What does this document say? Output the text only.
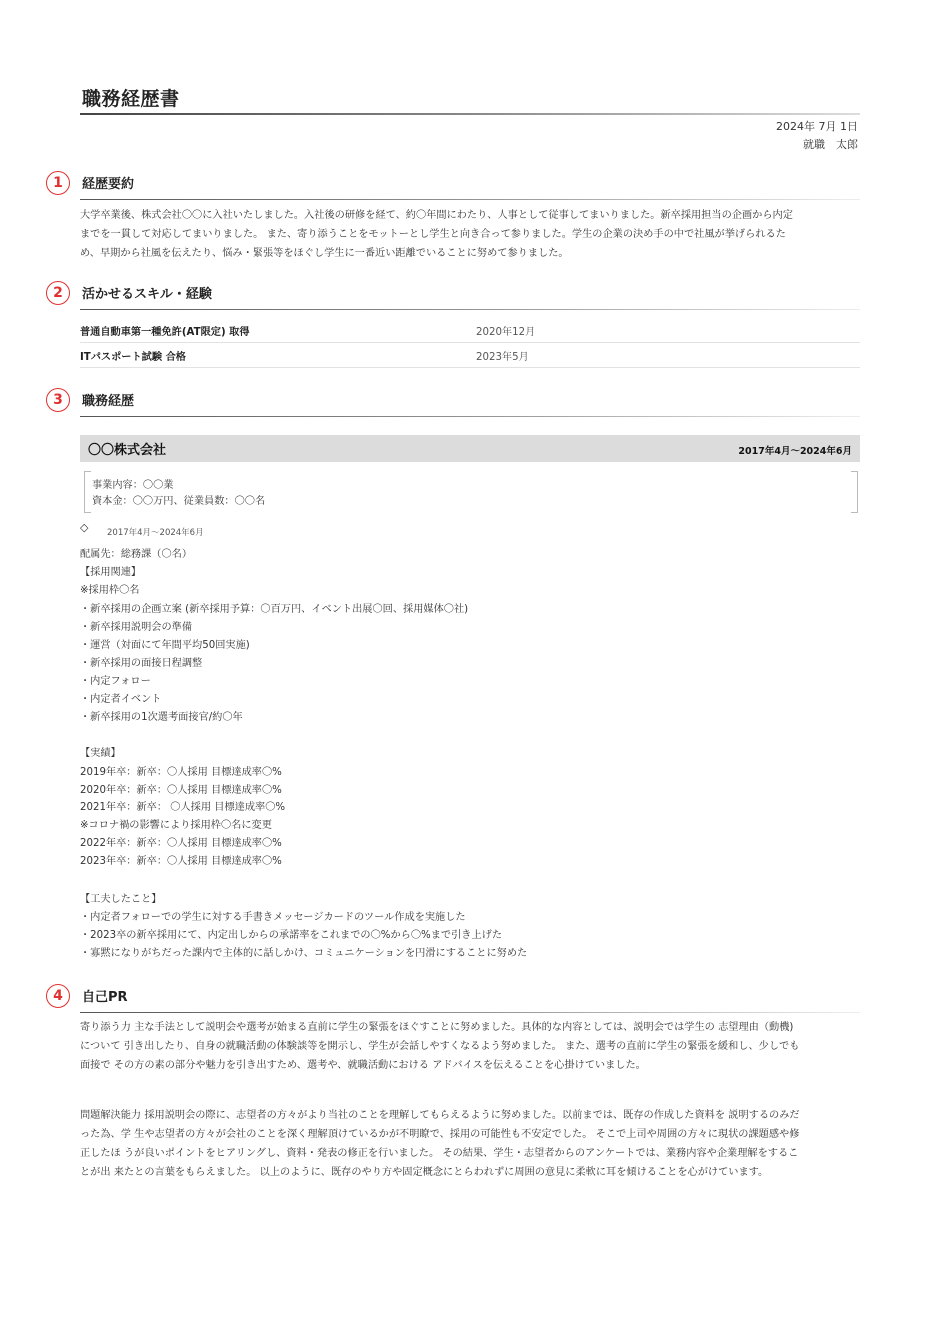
職務経歴書
2024年 7月 1日
就職　太郎
1	経歴要約
大学卒業後、株式会社〇〇に入社いたしました。入社後の研修を経て、約〇年間にわたり、人事として従事してまいりました。新卒採用担当の企画から内定
までを一貫して対応してまいりました。 また、寄り添うことをモットーとし学生と向き合って参りました。学生の企業の決め手の中で社風が挙げられるた
め、早期から社風を伝えたり、悩み・緊張等をほぐし学生に一番近い距離でいることに努めて参りました。
2	活かせるスキル・経験
普通自動車第一種免許(AT限定) 取得	2020年12月
ITパスポート試験 合格	2023年5月
3	職務経歴
〇〇株式会社	2017年4月〜2024年6月
事業内容：〇〇業
資本金：〇〇万円、従業員数：〇〇名
◇ 2017年4月〜2024年6月
配属先：総務課（〇名）
【採用関連】
※採用枠〇名
・新卒採用の企画立案 (新卒採用予算：〇百万円、イベント出展〇回、採用媒体〇社)
・新卒採用説明会の準備
・運営（対面にて年間平均50回実施)
・新卒採用の面接日程調整
・内定フォロー
・内定者イベント
・新卒採用の1次選考面接官/約〇年
【実績】
2019年卒：新卒：〇人採用 目標達成率〇%
2020年卒：新卒：〇人採用 目標達成率〇%
2021年卒：新卒： 〇人採用 目標達成率〇%
※コロナ禍の影響により採用枠〇名に変更
2022年卒：新卒：〇人採用 目標達成率〇%
2023年卒：新卒：〇人採用 目標達成率〇%
【工夫したこと】
・内定者フォローでの学生に対する手書きメッセージカードのツール作成を実施した
・2023卒の新卒採用にて、内定出しからの承諾率をこれまでの〇%から〇%まで引き上げた
・寡黙になりがちだった課内で主体的に話しかけ、コミュニケーションを円滑にすることに努めた
4	自己PR
寄り添う力 主な手法として説明会や選考が始まる直前に学生の緊張をほぐすことに努めました。具体的な内容としては、説明会では学生の 志望理由（動機)
について 引き出したり、自身の就職活動の体験談等を開示し、学生が会話しやすくなるよう努めました。 また、選考の直前に学生の緊張を緩和し、少しでも
面接で その方の素の部分や魅力を引き出すため、選考や、就職活動における アドバイスを伝えることを心掛けていました。
問題解決能力 採用説明会の際に、志望者の方々がより当社のことを理解してもらえるように努めました。以前までは、既存の作成した資料を 説明するのみだ
った為、学 生や志望者の方々が会社のことを深く理解頂けているかが不明瞭で、採用の可能性も不安定でした。 そこで上司や周囲の方々に現状の課題感や修
正したほ うが良いポイントをヒアリングし、資料・発表の修正を行いました。 その結果、学生・志望者からのアンケートでは、業務内容や企業理解をするこ
とが出 来たとの言葉をもらえました。 以上のように、既存のやり方や固定概念にとらわれずに周囲の意見に柔軟に耳を傾けることを心がけています。
